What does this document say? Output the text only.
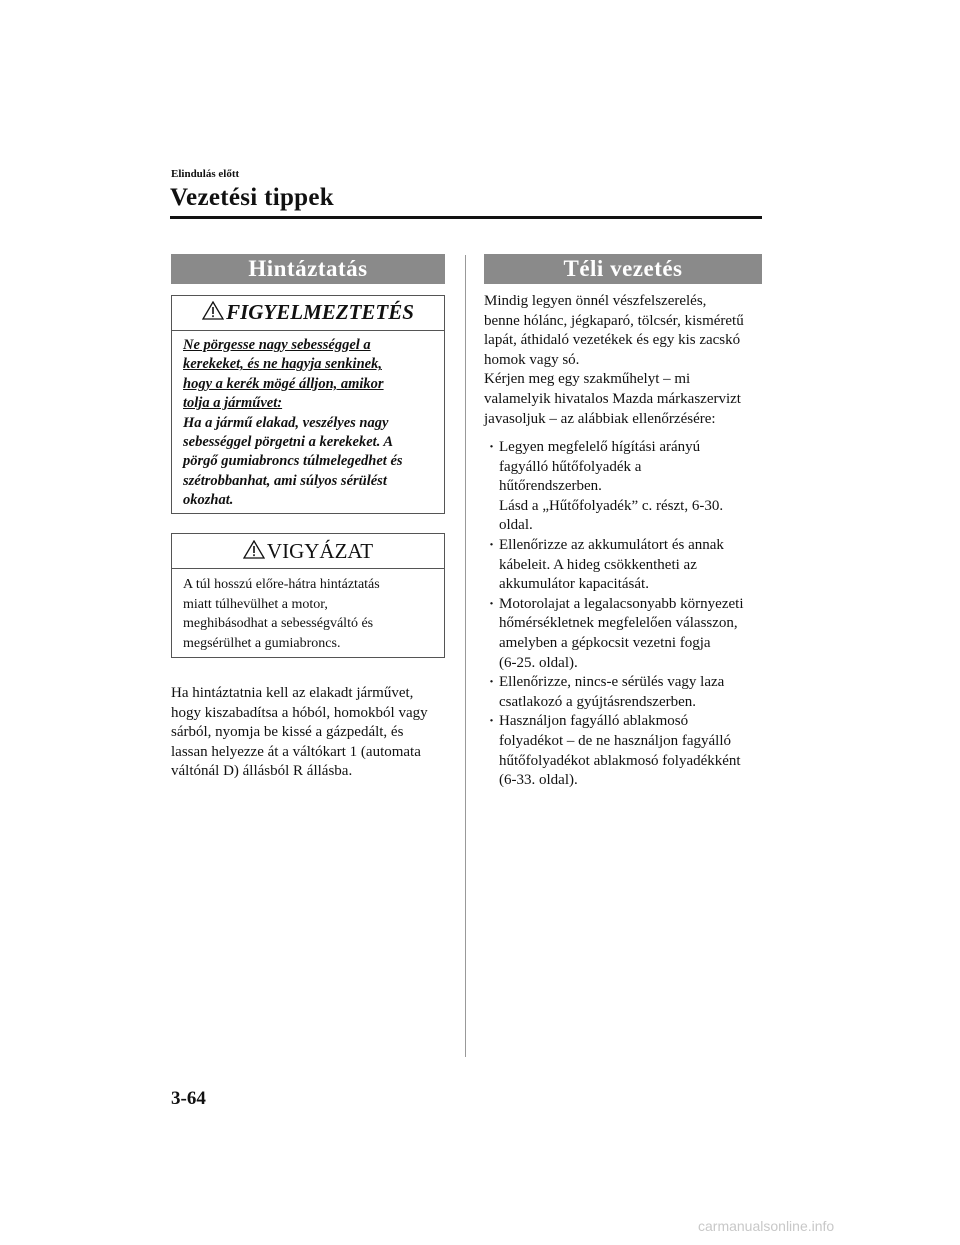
Elindulás előtt
Vezetési tippek
Hintáztatás
FIGYELMEZTETÉS
Ne pörgesse nagy sebességgel a
kerekeket, és ne hagyja senkinek,
hogy a kerék mögé álljon, amikor
tolja a járművet:
Ha a jármű elakad, veszélyes nagy
sebességgel pörgetni a kerekeket. A
pörgő gumiabroncs túlmelegedhet és
szétrobbanhat, ami súlyos sérülést
okozhat.
VIGYÁZAT
A túl hosszú előre-hátra hintáztatás
miatt túlhevülhet a motor,
meghibásodhat a sebességváltó és
megsérülhet a gumiabroncs.
Ha hintáztatnia kell az elakadt járművet,
hogy kiszabadítsa a hóból, homokból vagy
sárból, nyomja be kissé a gázpedált, és
lassan helyezze át a váltókart 1 (automata
váltónál D) állásból R állásba.
Téli vezetés
Mindig legyen önnél vészfelszerelés,
benne hólánc, jégkaparó, tölcsér, kisméretű
lapát, áthidaló vezetékek és egy kis zacskó
homok vagy só.
Kérjen meg egy szakműhelyt – mi
valamelyik hivatalos Mazda márkaszervizt
javasoljuk – az alábbiak ellenőrzésére:
· Legyen megfelelő hígítási arányú
fagyálló hűtőfolyadék a
hűtőrendszerben.
Lásd a „Hűtőfolyadék” c. részt, 6-30.
oldal.
· Ellenőrizze az akkumulátort és annak
kábeleit. A hideg csökkentheti az
akkumulátor kapacitását.
· Motorolajat a legalacsonyabb környezeti
hőmérsékletnek megfelelően válasszon,
amelyben a gépkocsit vezetni fogja
(6-25. oldal).
· Ellenőrizze, nincs-e sérülés vagy laza
csatlakozó a gyújtásrendszerben.
· Használjon fagyálló ablakmosó
folyadékot – de ne használjon fagyálló
hűtőfolyadékot ablakmosó folyadékként
(6-33. oldal).
3-64
carmanualsonline.info
